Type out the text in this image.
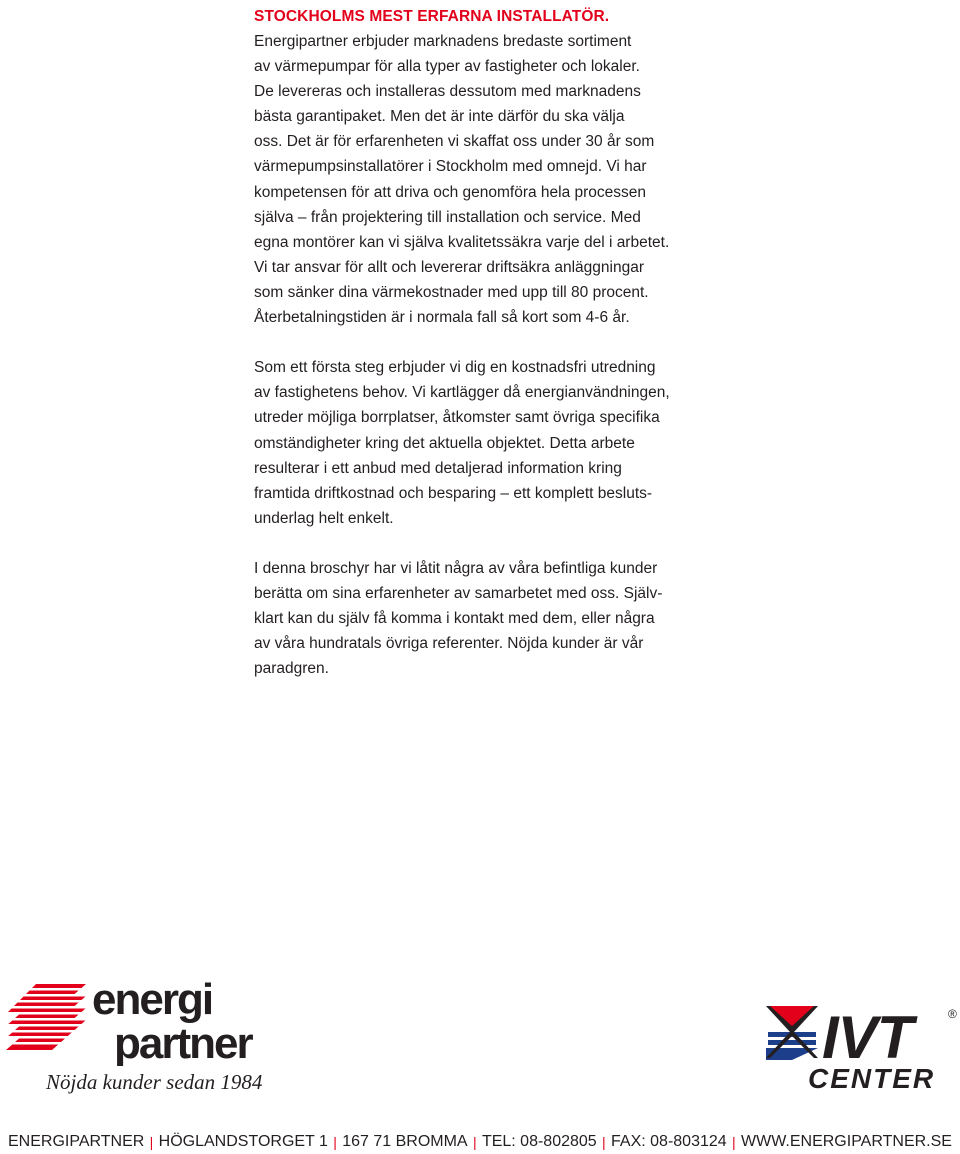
STOCKHOLMS MEST ERFARNA INSTALLATÖR.

Energipartner erbjuder marknadens bredaste sortiment
av värmepumpar för alla typer av fastigheter och lokaler.
De levereras och installeras dessutom med marknadens
bästa garantipaket. Men det är inte därför du ska välja
oss. Det är för erfarenheten vi skaffat oss under 30 år som
värmepumpsinstallatörer i Stockholm med omnejd. Vi har
kompetensen för att driva och genomföra hela processen
själva – från projektering till installation och service. Med
egna montörer kan vi själva kvalitetssäkra varje del i arbetet.
Vi tar ansvar för allt och levererar driftsäkra anläggningar
som sänker dina värmekostnader med upp till 80 procent.
Återbetalningstiden är i normala fall så kort som 4-6 år.

Som ett första steg erbjuder vi dig en kostnadsfri utredning
av fastighetens behov. Vi kartlägger då energianvändningen,
utreder möjliga borrplatser, åtkomster samt övriga specifika
omständigheter kring det aktuella objektet. Detta arbete
resulterar i ett anbud med detaljerad information kring
framtida driftkostnad och besparing – ett komplett besluts-
underlag helt enkelt.

I denna broschyr har vi låtit några av våra befintliga kunder
berätta om sina erfarenheter av samarbetet med oss. Själv-
klart kan du själv få komma i kontakt med dem, eller några
av våra hundratals övriga referenter. Nöjda kunder är vår
paradgren.

energi
partner

Nöjda kunder sedan 1984

IVT	®
CENTER
ENERGIPARTNER | HÖGLANDSTORGET 1 | 167 71 BROMMA | TEL: 08-802805 | FAX: 08-803124 | WWW.ENERGIPARTNER.SE
